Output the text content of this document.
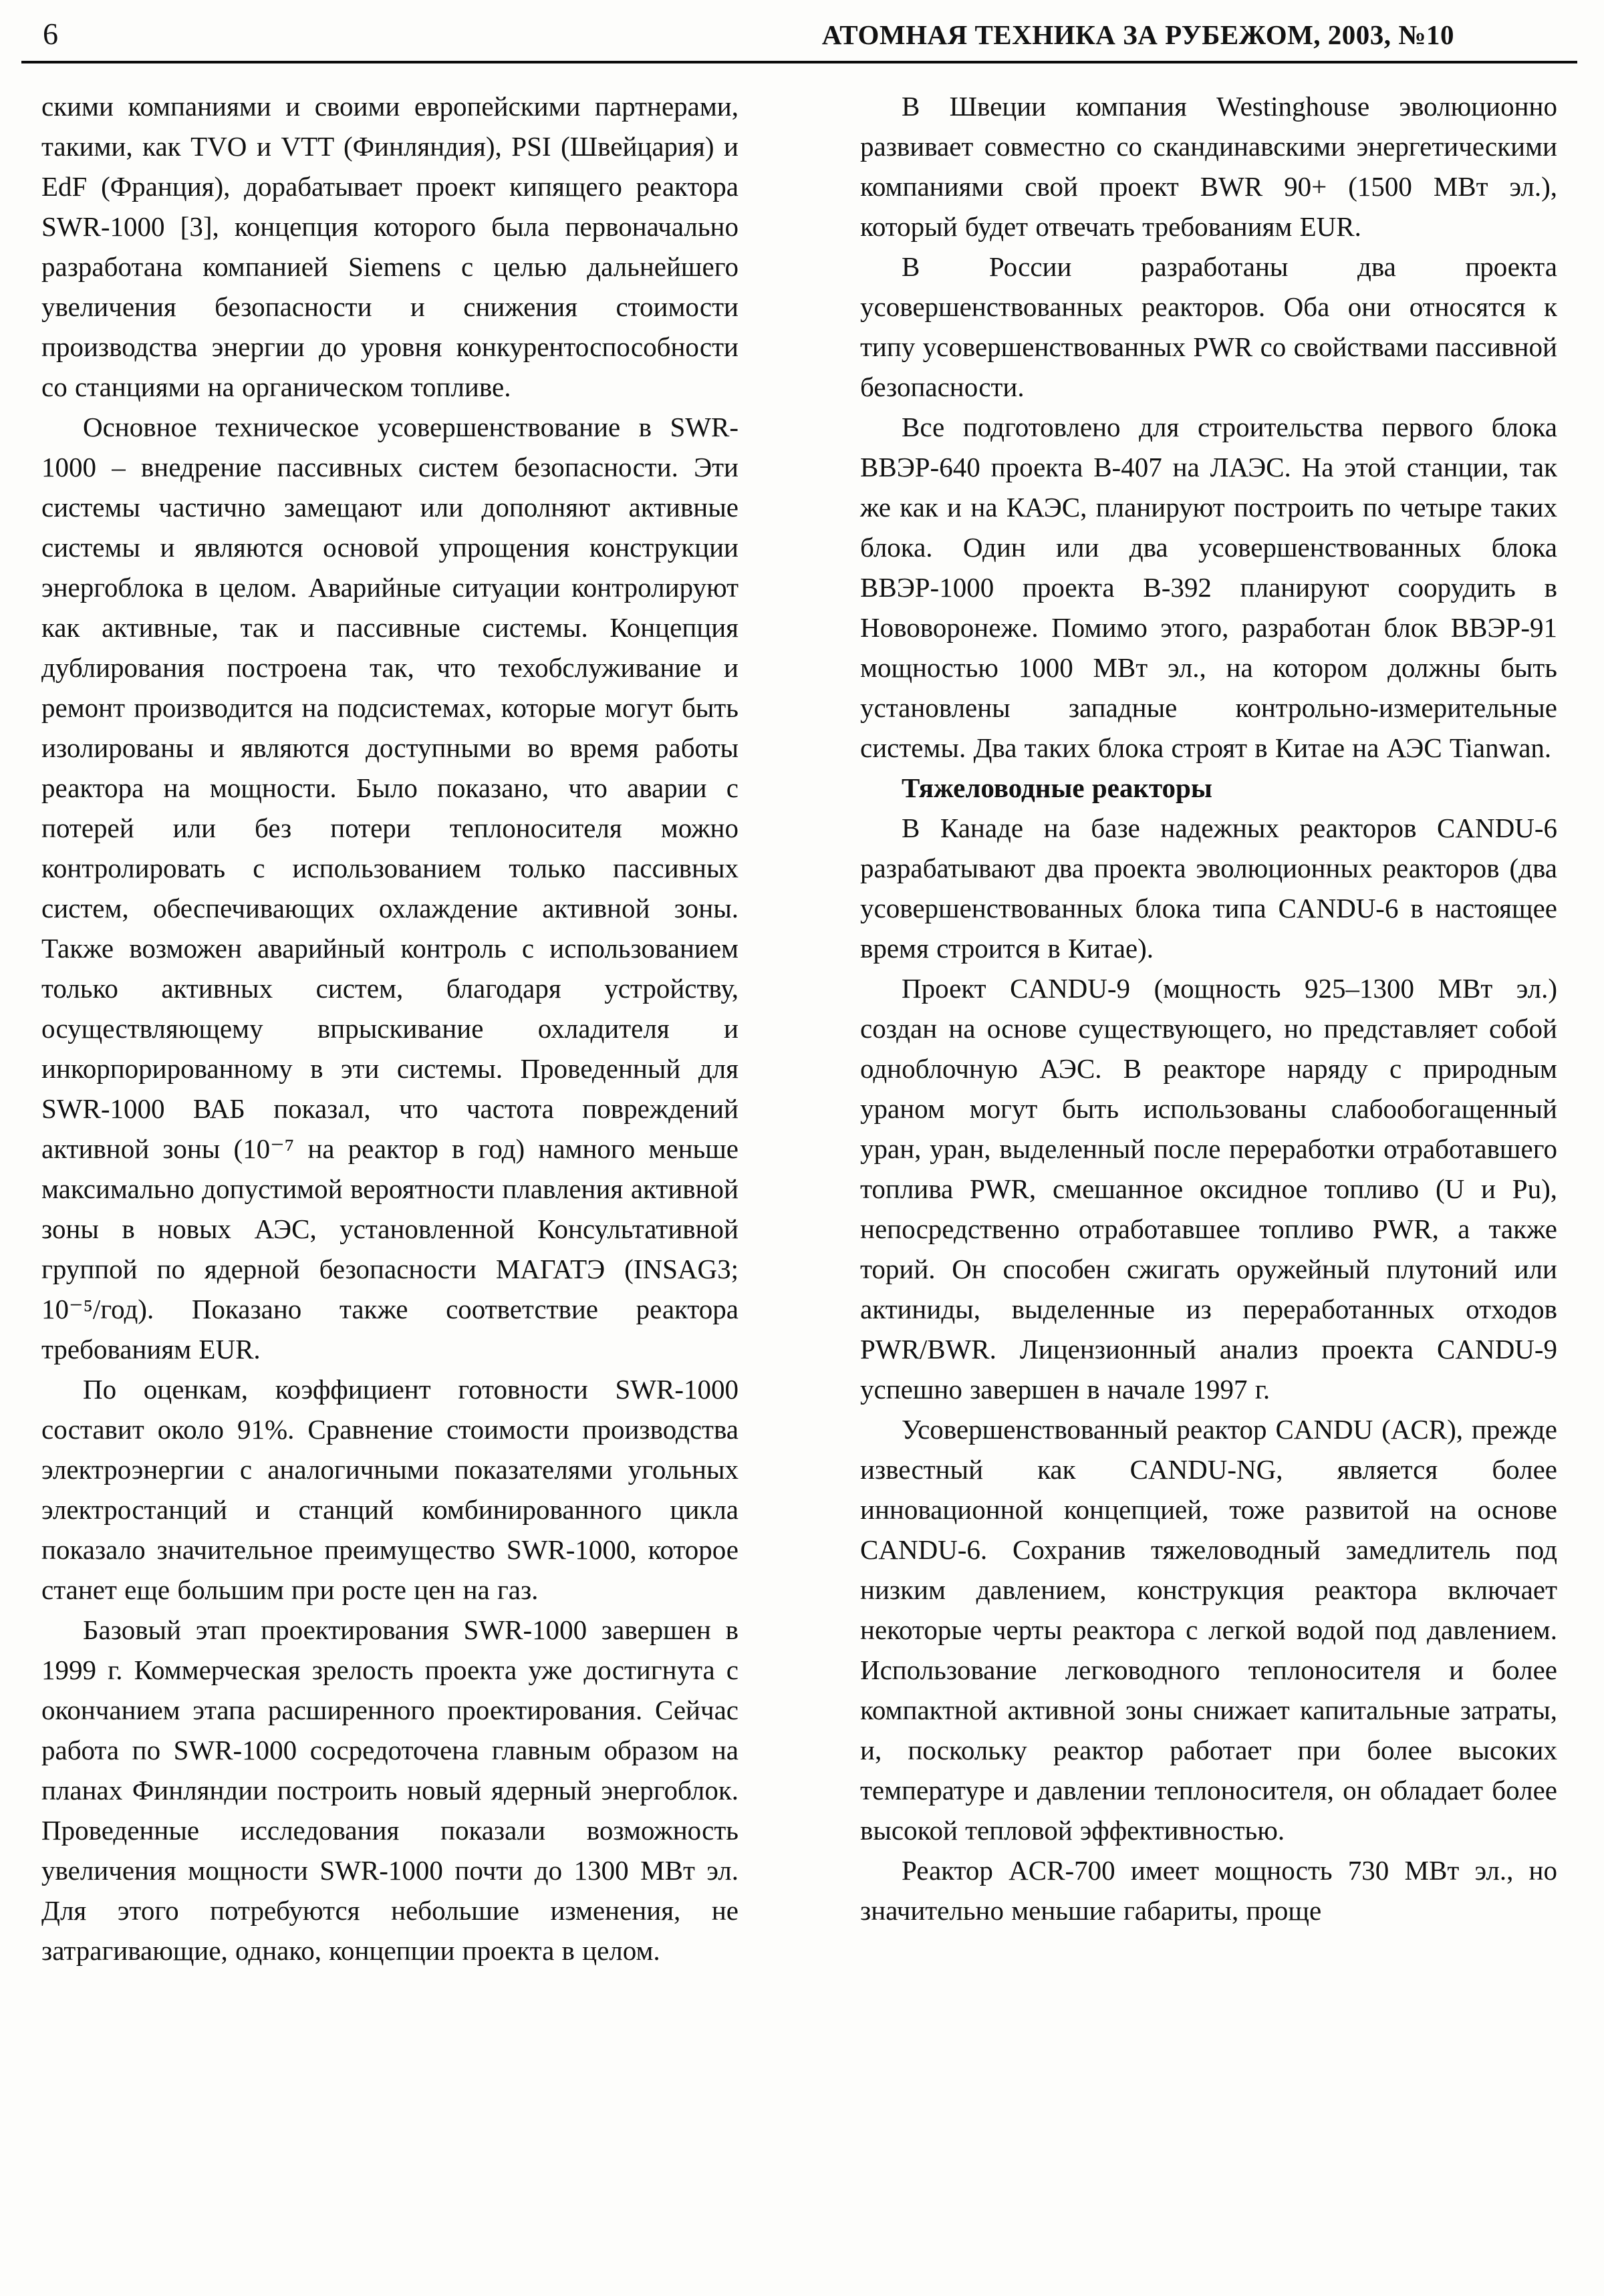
6	АТОМНАЯ ТЕХНИКА ЗА РУБЕЖОМ, 2003, №10

скими компаниями и своими европейскими партнерами, такими, как TVO и VTT (Финляндия), PSI (Швейцария) и EdF (Франция), дорабатывает проект кипящего реактора SWR-1000 [3], концепция которого была первоначально разработана компанией Siemens с целью дальнейшего увеличения безопасности и снижения стоимости производства энергии до уровня конкурентоспособности со станциями на органическом топливе.

Основное техническое усовершенствование в SWR-1000 – внедрение пассивных систем безопасности. Эти системы частично замещают или дополняют активные системы и являются основой упрощения конструкции энергоблока в целом. Аварийные ситуации контролируют как активные, так и пассивные системы. Концепция дублирования построена так, что техобслуживание и ремонт производится на подсистемах, которые могут быть изолированы и являются доступными во время работы реактора на мощности. Было показано, что аварии с потерей или без потери теплоносителя можно контролировать с использованием только пассивных систем, обеспечивающих охлаждение активной зоны. Также возможен аварийный контроль с использованием только активных систем, благодаря устройству, осуществляющему впрыскивание охладителя и инкорпорированному в эти системы. Проведенный для SWR-1000 ВАБ показал, что частота повреждений активной зоны (10⁻⁷ на реактор в год) намного меньше максимально допустимой вероятности плавления активной зоны в новых АЭС, установленной Консультативной группой по ядерной безопасности МАГАТЭ (INSAG3; 10⁻⁵/год). Показано также соответствие реактора требованиям EUR.

По оценкам, коэффициент готовности SWR-1000 составит около 91%. Сравнение стоимости производства электроэнергии с аналогичными показателями угольных электростанций и станций комбинированного цикла показало значительное преимущество SWR-1000, которое станет еще большим при росте цен на газ.

Базовый этап проектирования SWR-1000 завершен в 1999 г. Коммерческая зрелость проекта уже достигнута с окончанием этапа расширенного проектирования. Сейчас работа по SWR-1000 сосредоточена главным образом на планах Финляндии построить новый ядерный энергоблок. Проведенные исследования показали возможность увеличения мощности SWR-1000 почти до 1300 МВт эл. Для этого потребуются небольшие изменения, не затрагивающие, однако, концепции проекта в целом.

В Швеции компания Westinghouse эволюционно развивает совместно со скандинавскими энергетическими компаниями свой проект BWR 90+ (1500 МВт эл.), который будет отвечать требованиям EUR.

В России разработаны два проекта усовершенствованных реакторов. Оба они относятся к типу усовершенствованных PWR со свойствами пассивной безопасности.

Все подготовлено для строительства первого блока ВВЭР-640 проекта В-407 на ЛАЭС. На этой станции, так же как и на КАЭС, планируют построить по четыре таких блока. Один или два усовершенствованных блока ВВЭР-1000 проекта В-392 планируют соорудить в Нововоронеже. Помимо этого, разработан блок ВВЭР-91 мощностью 1000 МВт эл., на котором должны быть установлены западные контрольно-измерительные системы. Два таких блока строят в Китае на АЭС Tianwan.

Тяжеловодные реакторы

В Канаде на базе надежных реакторов CANDU-6 разрабатывают два проекта эволюционных реакторов (два усовершенствованных блока типа CANDU-6 в настоящее время строится в Китае).

Проект CANDU-9 (мощность 925–1300 МВт эл.) создан на основе существующего, но представляет собой одноблочную АЭС. В реакторе наряду с природным ураном могут быть использованы слабообогащенный уран, уран, выделенный после переработки отработавшего топлива PWR, смешанное оксидное топливо (U и Pu), непосредственно отработавшее топливо PWR, а также торий. Он способен сжигать оружейный плутоний или актиниды, выделенные из переработанных отходов PWR/BWR. Лицензионный анализ проекта CANDU-9 успешно завершен в начале 1997 г.

Усовершенствованный реактор CANDU (ACR), прежде известный как CANDU-NG, является более инновационной концепцией, тоже развитой на основе CANDU-6. Сохранив тяжеловодный замедлитель под низким давлением, конструкция реактора включает некоторые черты реактора с легкой водой под давлением. Использование легководного теплоносителя и более компактной активной зоны снижает капитальные затраты, и, поскольку реактор работает при более высоких температуре и давлении теплоносителя, он обладает более высокой тепловой эффективностью.

Реактор ACR-700 имеет мощность 730 МВт эл., но значительно меньшие габариты, проще
